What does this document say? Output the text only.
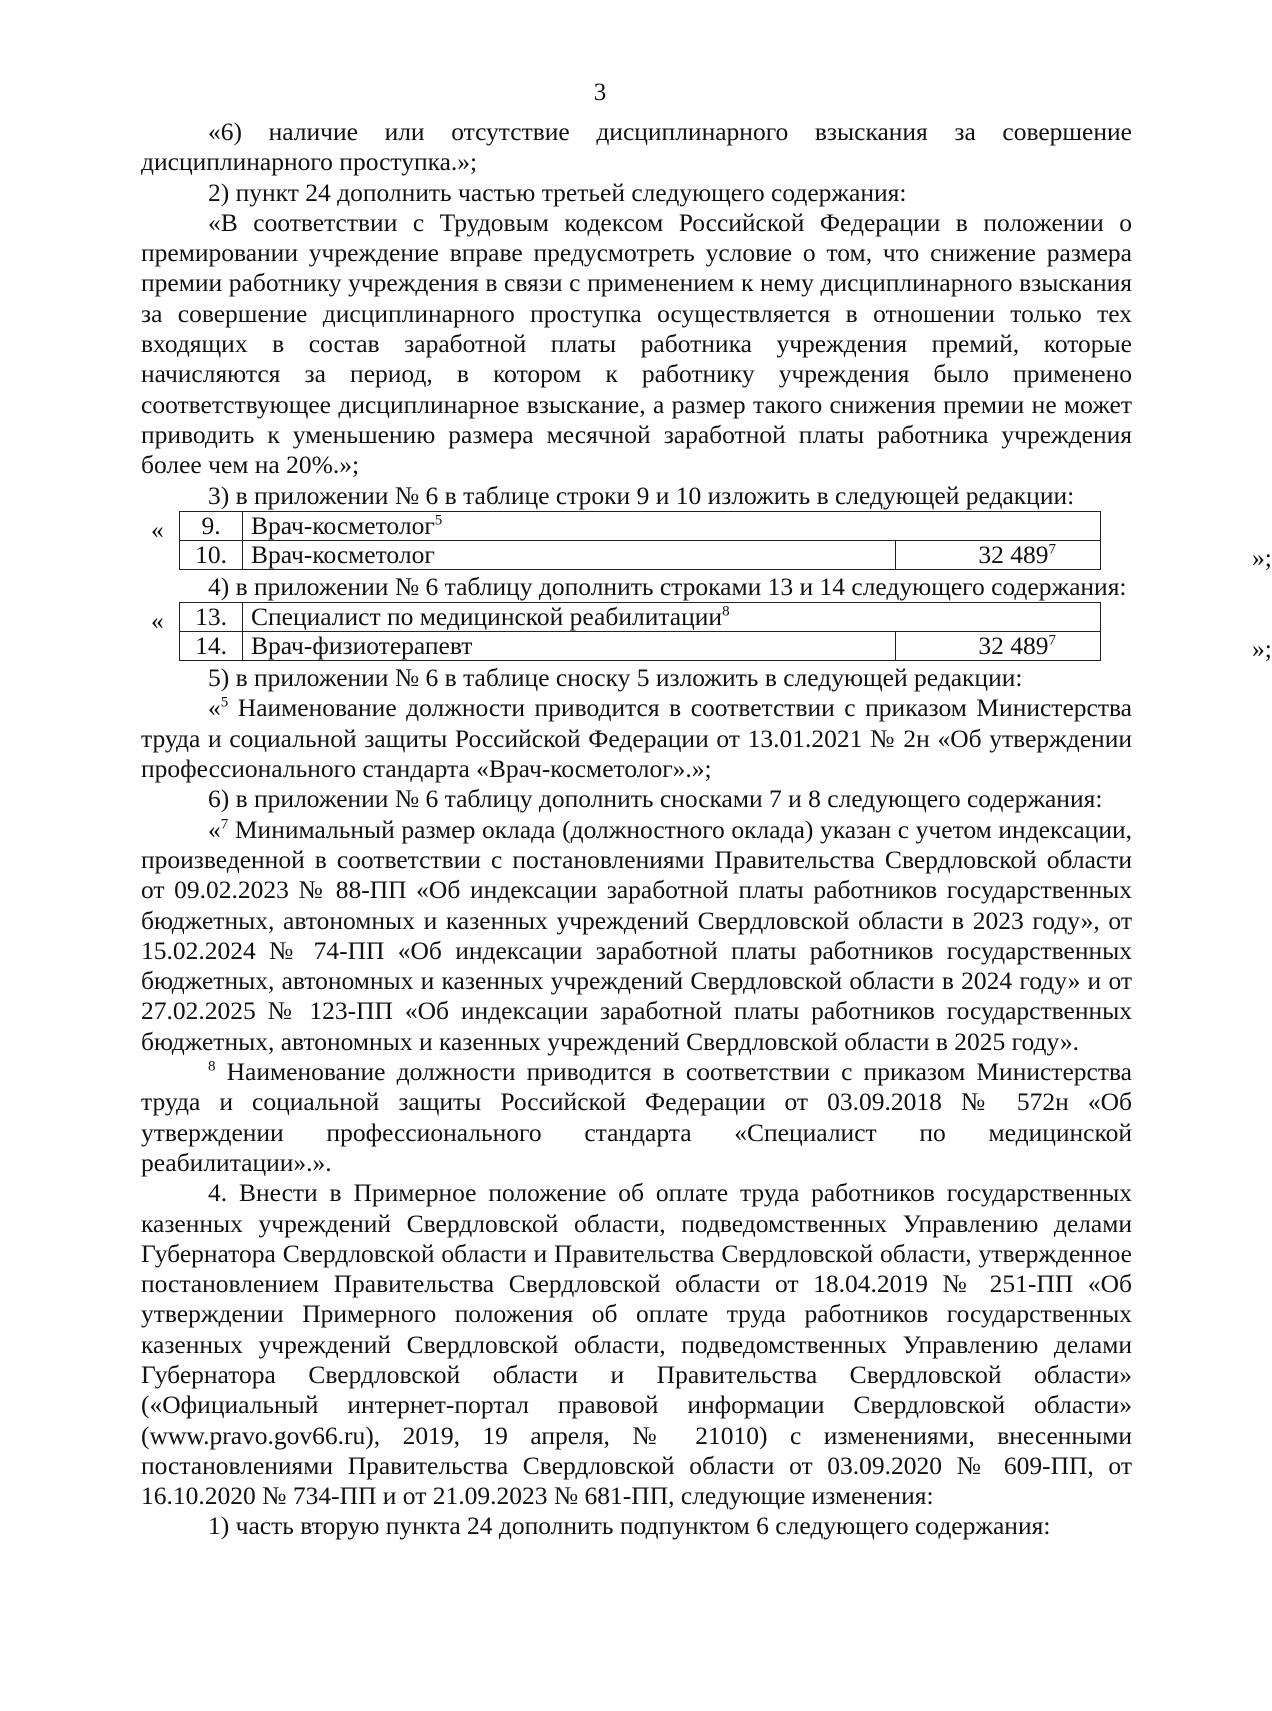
3

«6) наличие или отсутствие дисциплинарного взыскания за совершение дисциплинарного проступка.»;

2) пункт 24 дополнить частью третьей следующего содержания:

«В соответствии с Трудовым кодексом Российской Федерации в положении о премировании учреждение вправе предусмотреть условие о том, что снижение размера премии работнику учреждения в связи с применением к нему дисциплинарного взыскания за совершение дисциплинарного проступка осуществляется в отношении только тех входящих в состав заработной платы работника учреждения премий, которые начисляются за период, в котором к работнику учреждения было применено соответствующее дисциплинарное взыскание, а размер такого снижения премии не может приводить к уменьшению размера месячной заработной платы работника учреждения более чем на 20%.»;

3) в приложении № 6 в таблице строки 9 и 10 изложить в следующей редакции:

« 9.	Врач-косметолог$^5$
10.	Врач-косметолог	32 $489^7$	»;

4) в приложении № 6 таблицу дополнить строками 13 и 14 следующего содержания:

« 13.	Специалист по медицинской реабилитации$^8$
14.	Врач-физиотерапевт	32 $489^7$	»;

5) в приложении № 6 в таблице сноску 5 изложить в следующей редакции:

«$^5$ Наименование должности приводится в соответствии с приказом Министерства труда и социальной защиты Российской Федерации от 13.01.2021 № 2н «Об утверждении профессионального стандарта «Врач-косметолог».»;

6) в приложении № 6 таблицу дополнить сносками 7 и 8 следующего содержания:

«$^7$ Минимальный размер оклада (должностного оклада) указан с учетом индексации, произведенной в соответствии с постановлениями Правительства Свердловской области от 09.02.2023 № 88-ПП «Об индексации заработной платы работников государственных бюджетных, автономных и казенных учреждений Свердловской области в 2023 году», от 15.02.2024 № 74-ПП «Об индексации заработной платы работников государственных бюджетных, автономных и казенных учреждений Свердловской области в 2024 году» и от 27.02.2025 № 123-ПП «Об индексации заработной платы работников государственных бюджетных, автономных и казенных учреждений Свердловской области в 2025 году».

$^8$ Наименование должности приводится в соответствии с приказом Министерства труда и социальной защиты Российской Федерации от 03.09.2018 № 572н «Об утверждении профессионального стандарта «Специалист по медицинской реабилитации».».

4. Внести в Примерное положение об оплате труда работников государственных казенных учреждений Свердловской области, подведомственных Управлению делами Губернатора Свердловской области и Правительства Свердловской области, утвержденное постановлением Правительства Свердловской области от 18.04.2019 № 251-ПП «Об утверждении Примерного положения об оплате труда работников государственных казенных учреждений Свердловской области, подведомственных Управлению делами Губернатора Свердловской области и Правительства Свердловской области» («Официальный интернет-портал правовой информации Свердловской области» (www.pravo.gov66.ru), 2019, 19 апреля, № 21010) с изменениями, внесенными постановлениями Правительства Свердловской области от 03.09.2020 № 609-ПП, от 16.10.2020 № 734-ПП и от 21.09.2023 № 681-ПП, следующие изменения:

1) часть вторую пункта 24 дополнить подпунктом 6 следующего содержания:
